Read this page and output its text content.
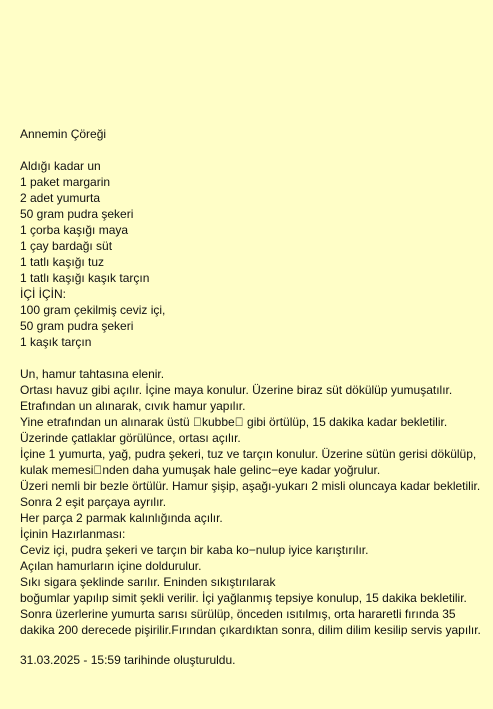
Annemin Çöreği
Aldığı kadar un
1 paket margarin
2 adet yumurta
50 gram pudra şekeri
1 çorba kaşığı maya
1 çay bardağı süt
1 tatlı kaşığı tuz
1 tatlı kaşığı kaşık tarçın
İÇİ İÇİN:
100 gram çekilmiş ceviz içi,
50 gram pudra şekeri
1 kaşık tarçın
Un, hamur tahtasına elenir.
Ortası havuz gibi açılır. İçine maya konulur. Üzerine biraz süt dökülüp yumuşatılır.
Etrafından un alınarak, cıvık hamur yapılır.
Yine etrafından un alınarak üstü  kubbe  gibi örtülüp, 15 dakika kadar bekletilir.
Üzerinde çatlaklar görülünce, ortası açılır.
İçine 1 yumurta, yağ, pudra şekeri, tuz ve tarçın konulur. Üzerine sütün gerisi dökülüp, kulak memesi nden daha yumuşak hale gelinc−eye kadar yoğrulur.
Üzeri nemli bir bezle örtülür. Hamur şişip, aşağı-yukarı 2 misli oluncaya kadar bekletilir. Sonra 2 eşit parçaya ayrılır.
Her parça 2 parmak kalınlığında açılır.
İçinin Hazırlanması:
Ceviz içi, pudra şekeri ve tarçın bir kaba ko−nulup iyice karıştırılır.
Açılan hamurların içine doldurulur.
Sıkı sigara şeklinde sarılır. Eninden sıkıştırılarak
boğumlar yapılıp simit şekli verilir. İçi yağlanmış tepsiye konulup, 15 dakika bekletilir. Sonra üzerlerine yumurta sarısı sürülüp, önceden ısıtılmış, orta hararetli fırında 35 dakika 200 derecede pişirilir.Fırından çıkardıktan sonra, dilim dilim kesilip servis yapılır.
31.03.2025 - 15:59 tarihinde oluşturuldu.
